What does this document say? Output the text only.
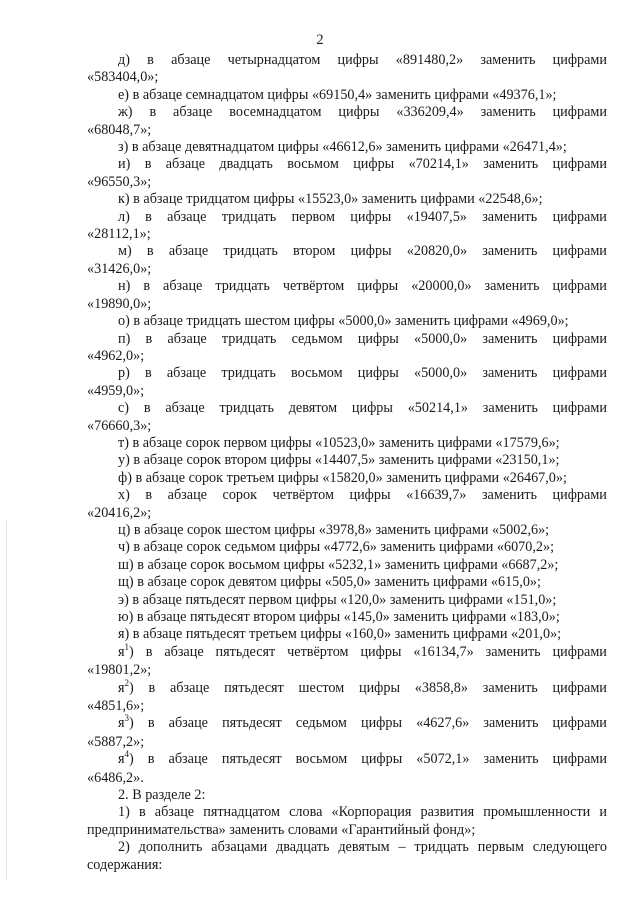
2
д) в абзаце четырнадцатом цифры «891480,2» заменить цифрами
«583404,0»;
е) в абзаце семнадцатом цифры «69150,4» заменить цифрами «49376,1»;
ж) в абзаце восемнадцатом цифры «336209,4» заменить цифрами
«68048,7»;
з) в абзаце девятнадцатом цифры «46612,6» заменить цифрами «26471,4»;
и) в абзаце двадцать восьмом цифры «70214,1» заменить цифрами
«96550,3»;
к) в абзаце тридцатом цифры «15523,0» заменить цифрами «22548,6»;
л) в абзаце тридцать первом цифры «19407,5» заменить цифрами
«28112,1»;
м) в абзаце тридцать втором цифры «20820,0» заменить цифрами
«31426,0»;
н) в абзаце тридцать четвёртом цифры «20000,0» заменить цифрами
«19890,0»;
о) в абзаце тридцать шестом цифры «5000,0» заменить цифрами «4969,0»;
п) в абзаце тридцать седьмом цифры «5000,0» заменить цифрами
«4962,0»;
р) в абзаце тридцать восьмом цифры «5000,0» заменить цифрами
«4959,0»;
с) в абзаце тридцать девятом цифры «50214,1» заменить цифрами
«76660,3»;
т) в абзаце сорок первом цифры «10523,0» заменить цифрами «17579,6»;
у) в абзаце сорок втором цифры «14407,5» заменить цифрами «23150,1»;
ф) в абзаце сорок третьем цифры «15820,0» заменить цифрами «26467,0»;
х) в абзаце сорок четвёртом цифры «16639,7» заменить цифрами
«20416,2»;
ц) в абзаце сорок шестом цифры «3978,8» заменить цифрами «5002,6»;
ч) в абзаце сорок седьмом цифры «4772,6» заменить цифрами «6070,2»;
ш) в абзаце сорок восьмом цифры «5232,1» заменить цифрами «6687,2»;
щ) в абзаце сорок девятом цифры «505,0» заменить цифрами «615,0»;
э) в абзаце пятьдесят первом цифры «120,0» заменить цифрами «151,0»;
ю) в абзаце пятьдесят втором цифры «145,0» заменить цифрами «183,0»;
я) в абзаце пятьдесят третьем цифры «160,0» заменить цифрами «201,0»;
$я^1$) в абзаце пятьдесят четвёртом цифры «16134,7» заменить цифрами
«19801,2»;
$я^2$) в абзаце пятьдесят шестом цифры «3858,8» заменить цифрами
«4851,6»;
$я^3$) в абзаце пятьдесят седьмом цифры «4627,6» заменить цифрами
«5887,2»;
$я^4$) в абзаце пятьдесят восьмом цифры «5072,1» заменить цифрами
«6486,2».
2. В разделе 2:
1) в абзаце пятнадцатом слова «Корпорация развития промышленности и предпринимательства» заменить словами «Гарантийный фонд»;
2) дополнить абзацами двадцать девятым – тридцать первым следующего содержания:
